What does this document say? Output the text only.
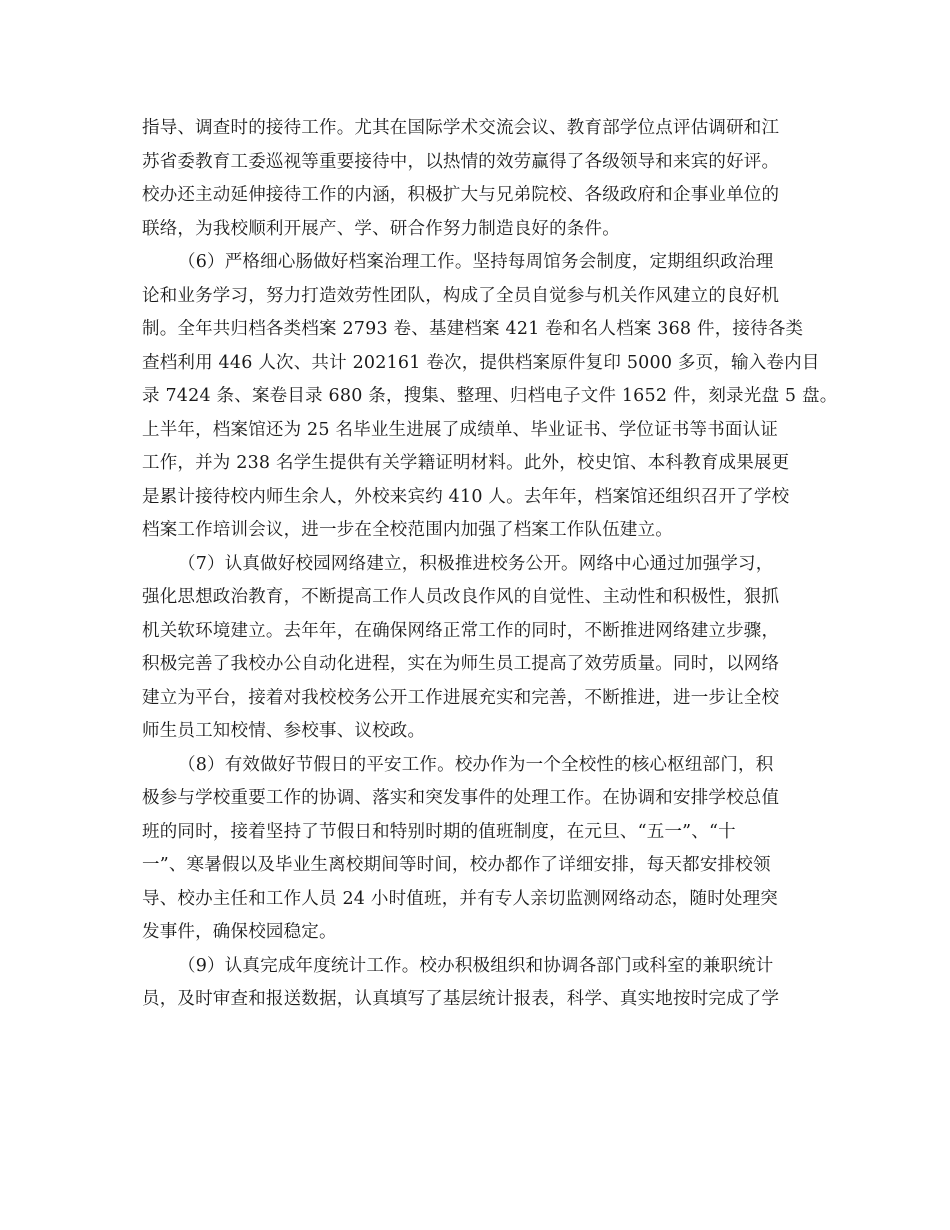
指导、调查时的接待工作。尤其在国际学术交流会议、教育部学位点评估调研和江
苏省委教育工委巡视等重要接待中，以热情的效劳赢得了各级领导和来宾的好评。
校办还主动延伸接待工作的内涵，积极扩大与兄弟院校、各级政府和企事业单位的
联络，为我校顺利开展产、学、研合作努力制造良好的条件。
（6）严格细心肠做好档案治理工作。坚持每周馆务会制度，定期组织政治理
论和业务学习，努力打造效劳性团队，构成了全员自觉参与机关作风建立的良好机
制。全年共归档各类档案 2793 卷、基建档案 421 卷和名人档案 368 件，接待各类
查档利用 446 人次、共计 202161 卷次，提供档案原件复印 5000 多页，输入卷内目
录 7424 条、案卷目录 680 条，搜集、整理、归档电子文件 1652 件，刻录光盘 5 盘。
上半年，档案馆还为 25 名毕业生进展了成绩单、毕业证书、学位证书等书面认证
工作，并为 238 名学生提供有关学籍证明材料。此外，校史馆、本科教育成果展更
是累计接待校内师生余人，外校来宾约 410 人。去年年，档案馆还组织召开了学校
档案工作培训会议，进一步在全校范围内加强了档案工作队伍建立。
（7）认真做好校园网络建立，积极推进校务公开。网络中心通过加强学习，
强化思想政治教育，不断提高工作人员改良作风的自觉性、主动性和积极性，狠抓
机关软环境建立。去年年，在确保网络正常工作的同时，不断推进网络建立步骤，
积极完善了我校办公自动化进程，实在为师生员工提高了效劳质量。同时，以网络
建立为平台，接着对我校校务公开工作进展充实和完善，不断推进，进一步让全校
师生员工知校情、参校事、议校政。
（8）有效做好节假日的平安工作。校办作为一个全校性的核心枢纽部门，积
极参与学校重要工作的协调、落实和突发事件的处理工作。在协调和安排学校总值
班的同时，接着坚持了节假日和特别时期的值班制度，在元旦、“五一”、“十
一”、寒暑假以及毕业生离校期间等时间，校办都作了详细安排，每天都安排校领
导、校办主任和工作人员 24 小时值班，并有专人亲切监测网络动态，随时处理突
发事件，确保校园稳定。
（9）认真完成年度统计工作。校办积极组织和协调各部门或科室的兼职统计
员，及时审查和报送数据，认真填写了基层统计报表，科学、真实地按时完成了学
